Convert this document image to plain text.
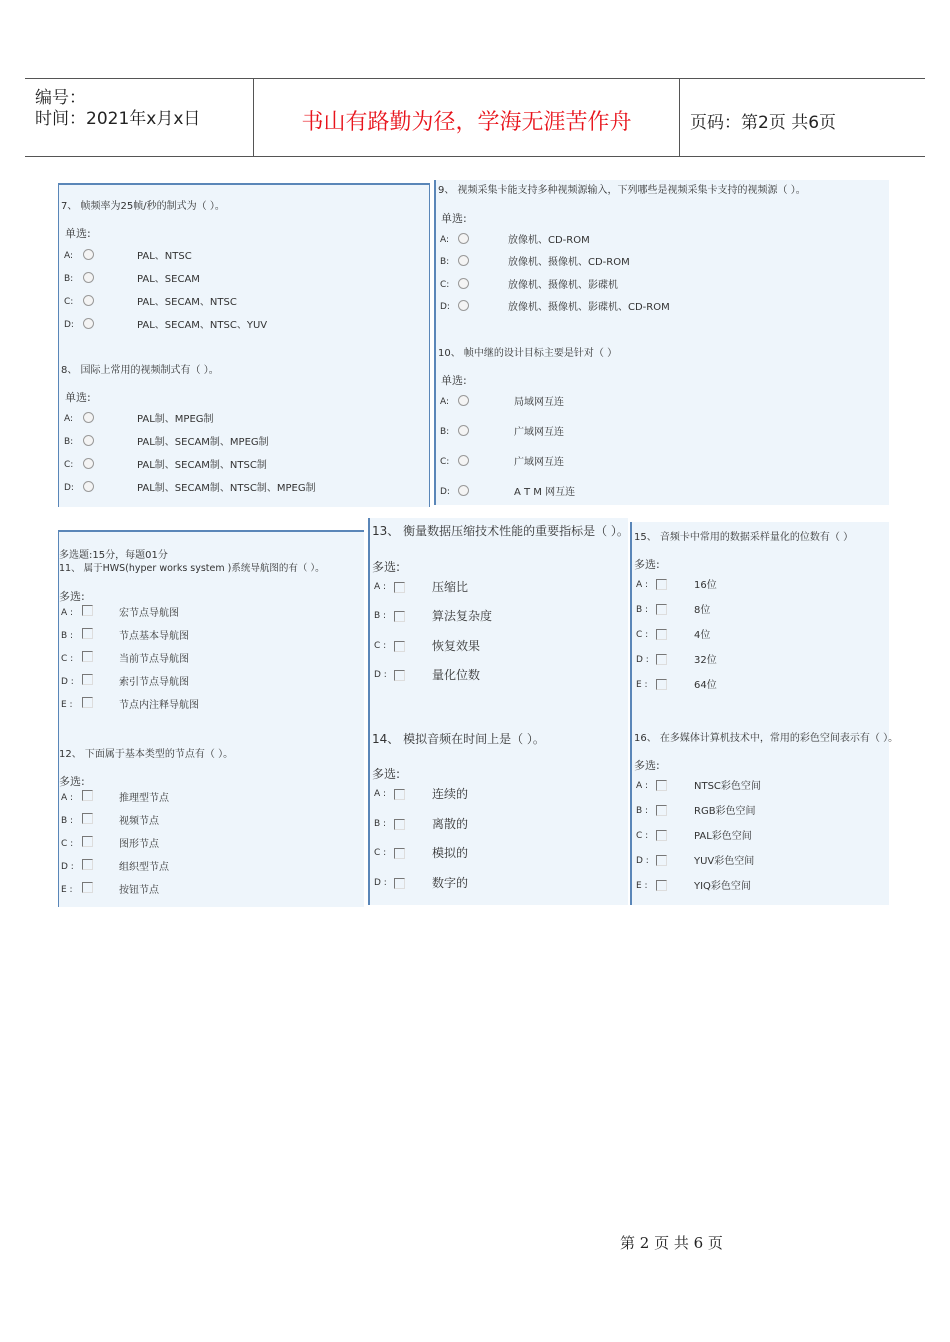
编号：
时间：2021年x月x日	书山有路勤为径，学海无涯苦作舟	页码：第2页 共6页
7、 帧频率为25帧/秒的制式为（ ）。
单选:
A:	PAL、NTSC
B:	PAL、SECAM
C:	PAL、SECAM、NTSC
D:	PAL、SECAM、NTSC、YUV
8、 国际上常用的视频制式有（ ）。
单选:
A:	PAL制、MPEG制
B:	PAL制、SECAM制、MPEG制
C:	PAL制、SECAM制、NTSC制
D:	PAL制、SECAM制、NTSC制、MPEG制
9、 视频采集卡能支持多种视频源输入，下列哪些是视频采集卡支持的视频源（ ）。
单选:
A:	放像机、CD-ROM
B:	放像机、摄像机、CD-ROM
C:	放像机、摄像机、影碟机
D:	放像机、摄像机、影碟机、CD-ROM
10、 帧中继的设计目标主要是针对（ ）
单选:
A:	局域网互连
B:	广域网互连
C:	广域网互连
D:	A T M 网互连
多选题:15分，每题01分
11、 属于HWS(hyper works system )系统导航图的有（ ）。
多选:
A :	宏节点导航图
B :	节点基本导航图
C :	当前节点导航图
D :	索引节点导航图
E :	节点内注释导航图
12、 下面属于基本类型的节点有（ ）。
多选:
A :	推理型节点
B :	视频节点
C :	图形节点
D :	组织型节点
E :	按钮节点
13、 衡量数据压缩技术性能的重要指标是（ ）。
多选:
A :	压缩比
B :	算法复杂度
C :	恢复效果
D :	量化位数
14、 模拟音频在时间上是（ ）。
多选:
A :	连续的
B :	离散的
C :	模拟的
D :	数字的
15、 音频卡中常用的数据采样量化的位数有（ ）
多选:
A :	16位
B :	8位
C :	4位
D :	32位
E :	64位
16、 在多媒体计算机技术中，常用的彩色空间表示有（ ）。
多选:
A :	NTSC彩色空间
B :	RGB彩色空间
C :	PAL彩色空间
D :	YUV彩色空间
E :	YIQ彩色空间
第 2 页 共 6 页
